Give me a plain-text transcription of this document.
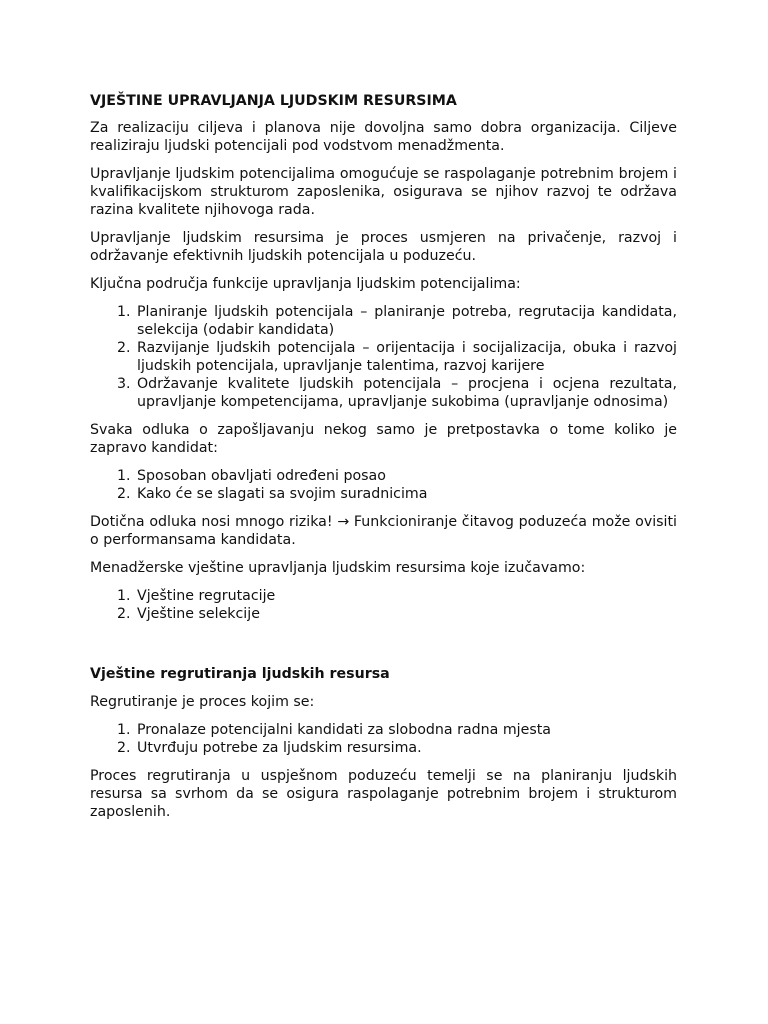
VJEŠTINE UPRAVLJANJA LJUDSKIM RESURSIMA

Za realizaciju ciljeva i planova nije dovoljna samo dobra organizacija. Ciljeve realiziraju ljudski potencijali pod vodstvom menadžmenta.

Upravljanje ljudskim potencijalima omogućuje se raspolaganje potrebnim brojem i kvalifikacijskom strukturom zaposlenika, osigurava se njihov razvoj te održava razina kvalitete njihovoga rada.

Upravljanje ljudskim resursima je proces usmjeren na privačenje, razvoj i održavanje efektivnih ljudskih potencijala u poduzeću.

Ključna područja funkcije upravljanja ljudskim potencijalima:

1. Planiranje ljudskih potencijala – planiranje potreba, regrutacija kandidata, selekcija (odabir kandidata)
2. Razvijanje ljudskih potencijala – orijentacija i socijalizacija, obuka i razvoj ljudskih potencijala, upravljanje talentima, razvoj karijere
3. Održavanje kvalitete ljudskih potencijala – procjena i ocjena rezultata, upravljanje kompetencijama, upravljanje sukobima (upravljanje odnosima)

Svaka odluka o zapošljavanju nekog samo je pretpostavka o tome koliko je zapravo kandidat:

1. Sposoban obavljati određeni posao
2. Kako će se slagati sa svojim suradnicima

Dotična odluka nosi mnogo rizika! → Funkcioniranje čitavog poduzeća može ovisiti o performansama kandidata.

Menadžerske vještine upravljanja ljudskim resursima koje izučavamo:

1. Vještine regrutacije
2. Vještine selekcije
Vještine regrutiranja ljudskih resursa

Regrutiranje je proces kojim se:

1. Pronalaze potencijalni kandidati za slobodna radna mjesta
2. Utvrđuju potrebe za ljudskim resursima.

Proces regrutiranja u uspješnom poduzeću temelji se na planiranju ljudskih resursa sa svrhom da se osigura raspolaganje potrebnim brojem i strukturom zaposlenih.
